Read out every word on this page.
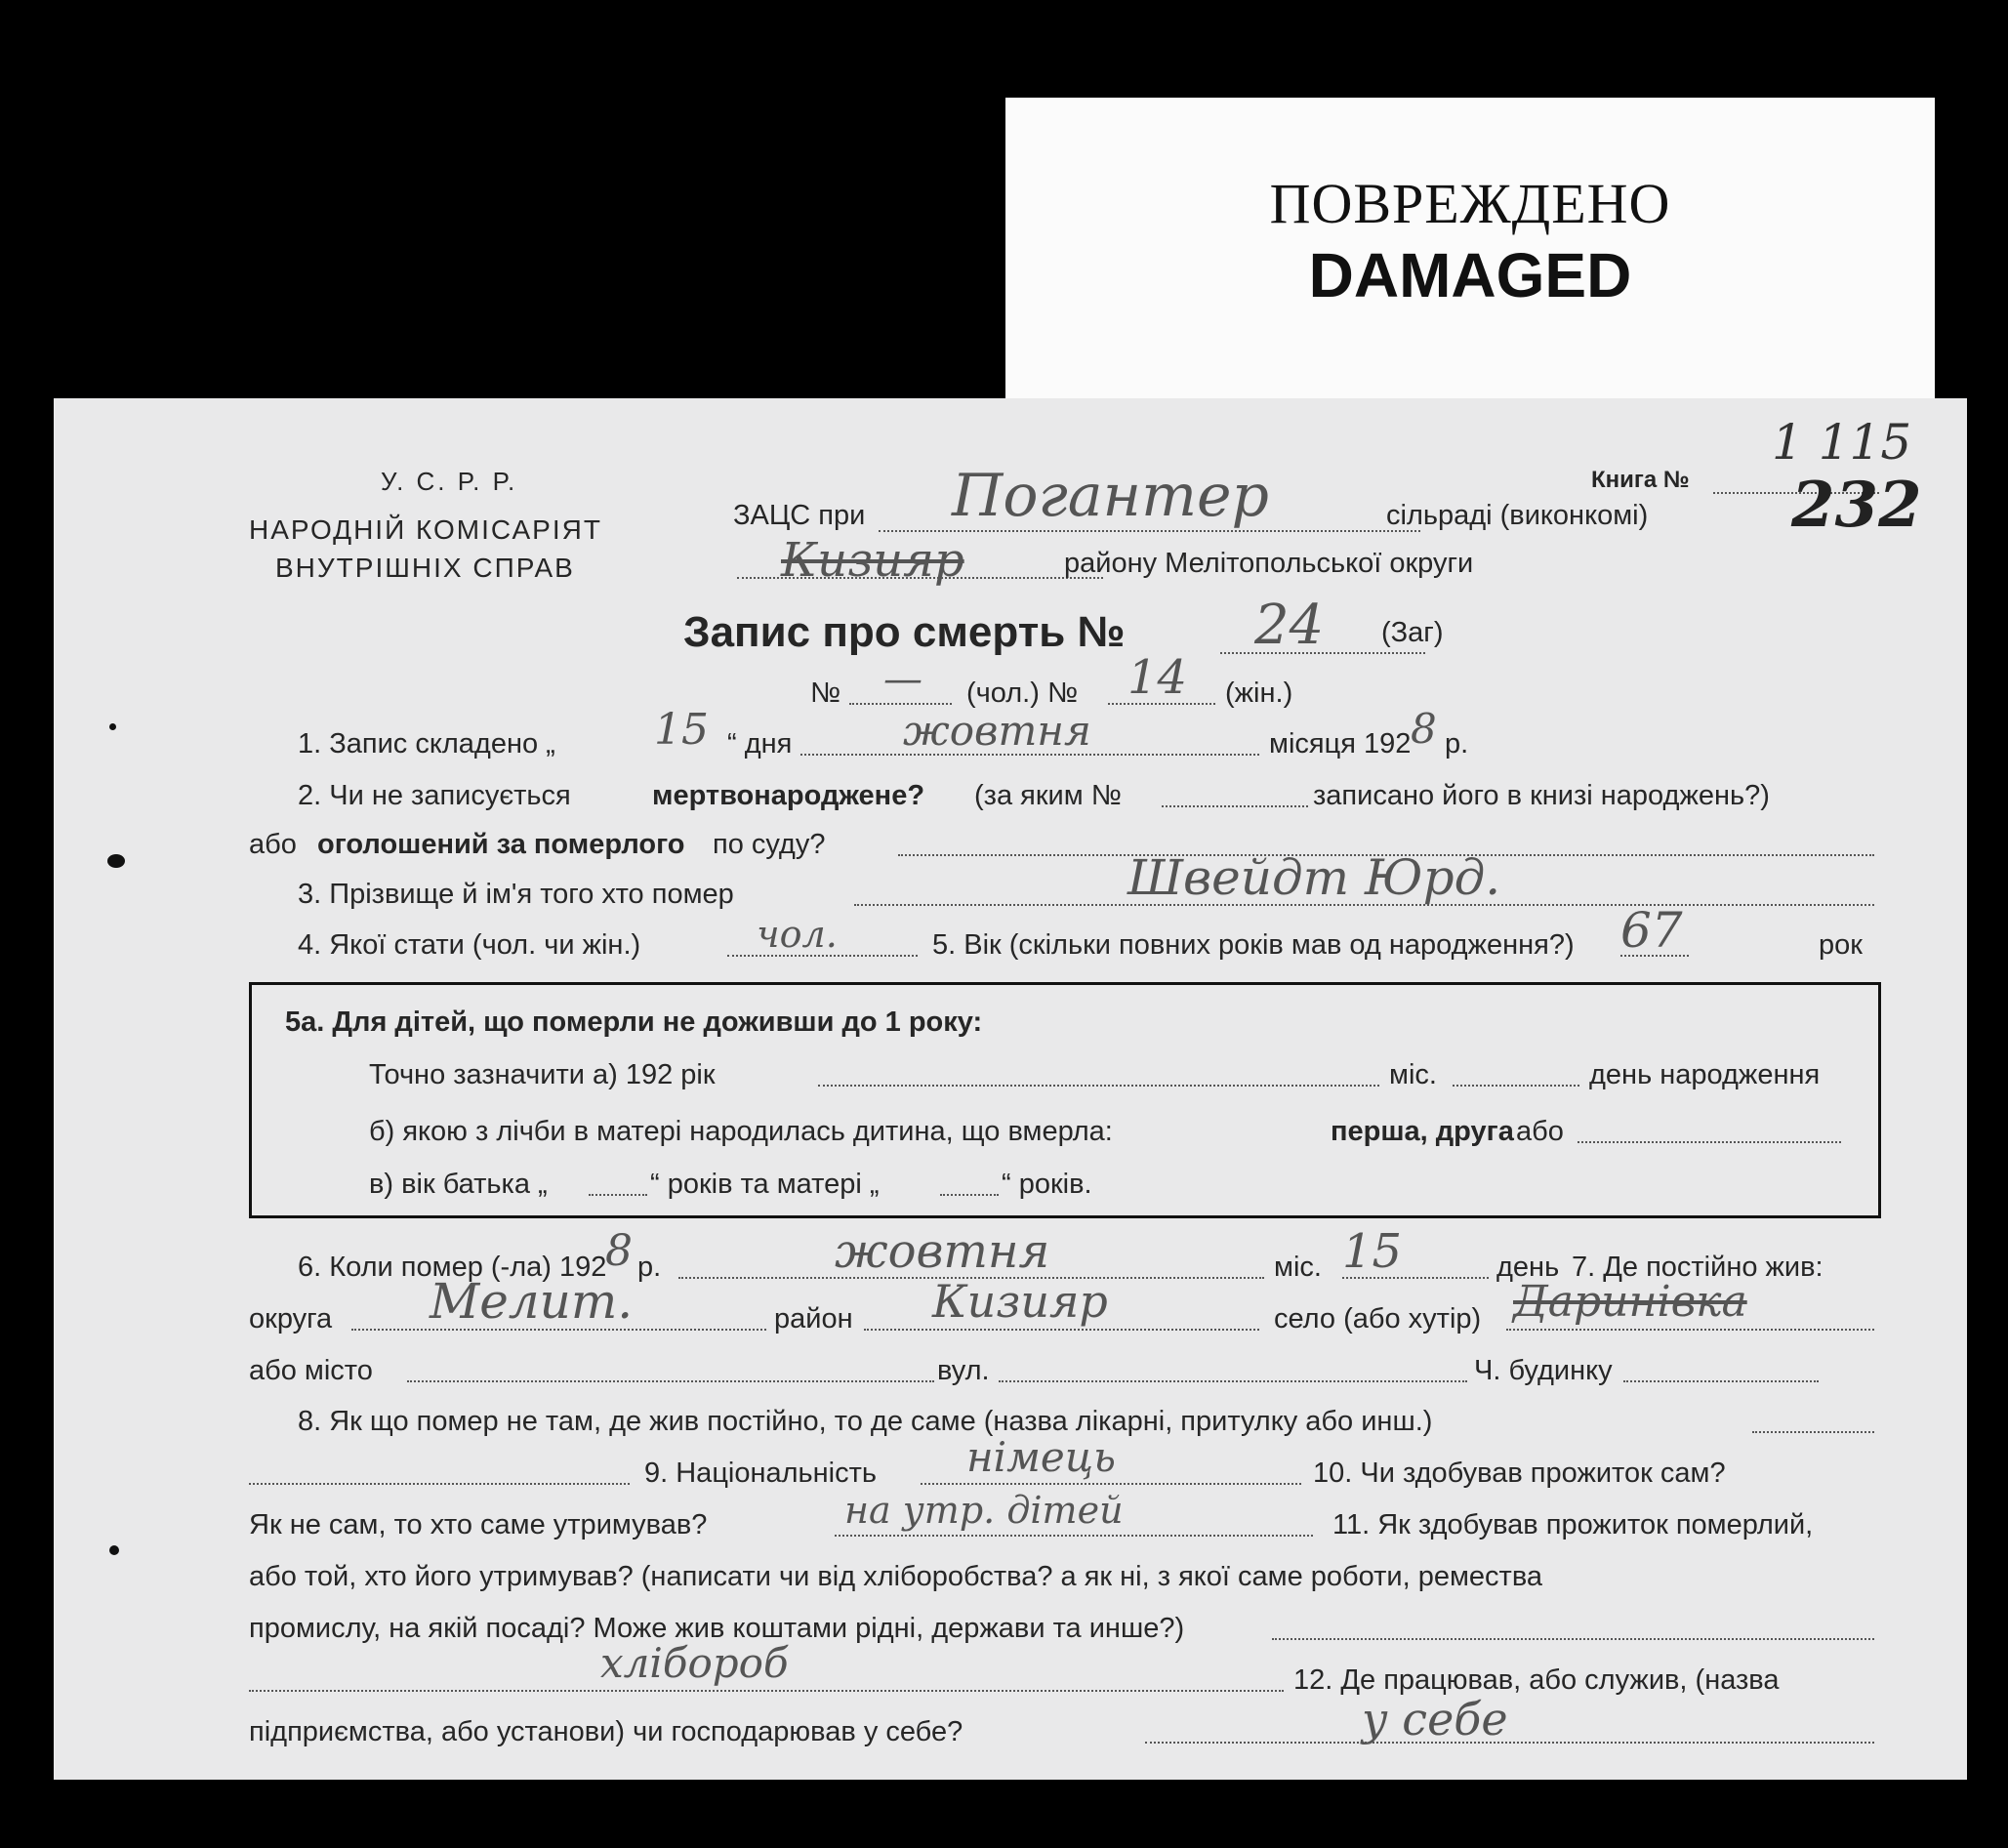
ПОВРЕЖДЕНО
DAMAGED
У. С. Р. Р.
НАРОДНІЙ КОМІСАРІЯТ
ВНУТРІШНІХ СПРАВ
ЗАЦС при Погантер	сільраді (виконкомі)
Кизияр	району Мелітопольської округи
Книга №
1 115
232
Запис про смерть № 24 (Заг)
№ — (чол.) № 14 (жін.)
1. Запис складено „ 15 “ дня	жовтня	місяця 192 8 р.
2. Чи не записується	мертвонароджене? (за яким №	записано його в книзі народжень?)
або оголошений за померлого по суду?
3. Прізвище й ім'я того хто помер	Швейдт Юрд.
4. Якої стати (чол. чи жін.)	чол.	5. Вік (скільки повних років мав од народження?) 67	рок
5а. Для дітей, що померли не доживши до 1 року:
Точно зазначити а) 192 рік	міс.	день народження
б) якою з лічби в матері народилась дитина, що вмерла:	перша, друга або
в) вік батька „	“ років та матері „	“ років.
6. Коли помер (-ла) 192
8 р.	жовтня	міс. 15	день 7. Де постійно жив:
округа Мелит.	район Кизияр	село (або хутір) Даринівка
або місто	вул.	Ч. будинку
8. Як що помер не там, де жив постійно, то де саме (назва лікарні, притулку або инш.)
9. Національність німець	10. Чи здобував прожиток сам?
Як не сам, то хто саме утримував?	на утр. дітей	11. Як здобував прожиток померлий,
або той, хто його утримував? (написати чи від хліборобства? а як ні, з якої саме роботи, ремества
промислу, на якій посаді? Може жив коштами рідні, держави та инше?)
хлібороб	12. Де працював, або служив, (назва
підприємства, або установи) чи господарював у себе?	у себе
